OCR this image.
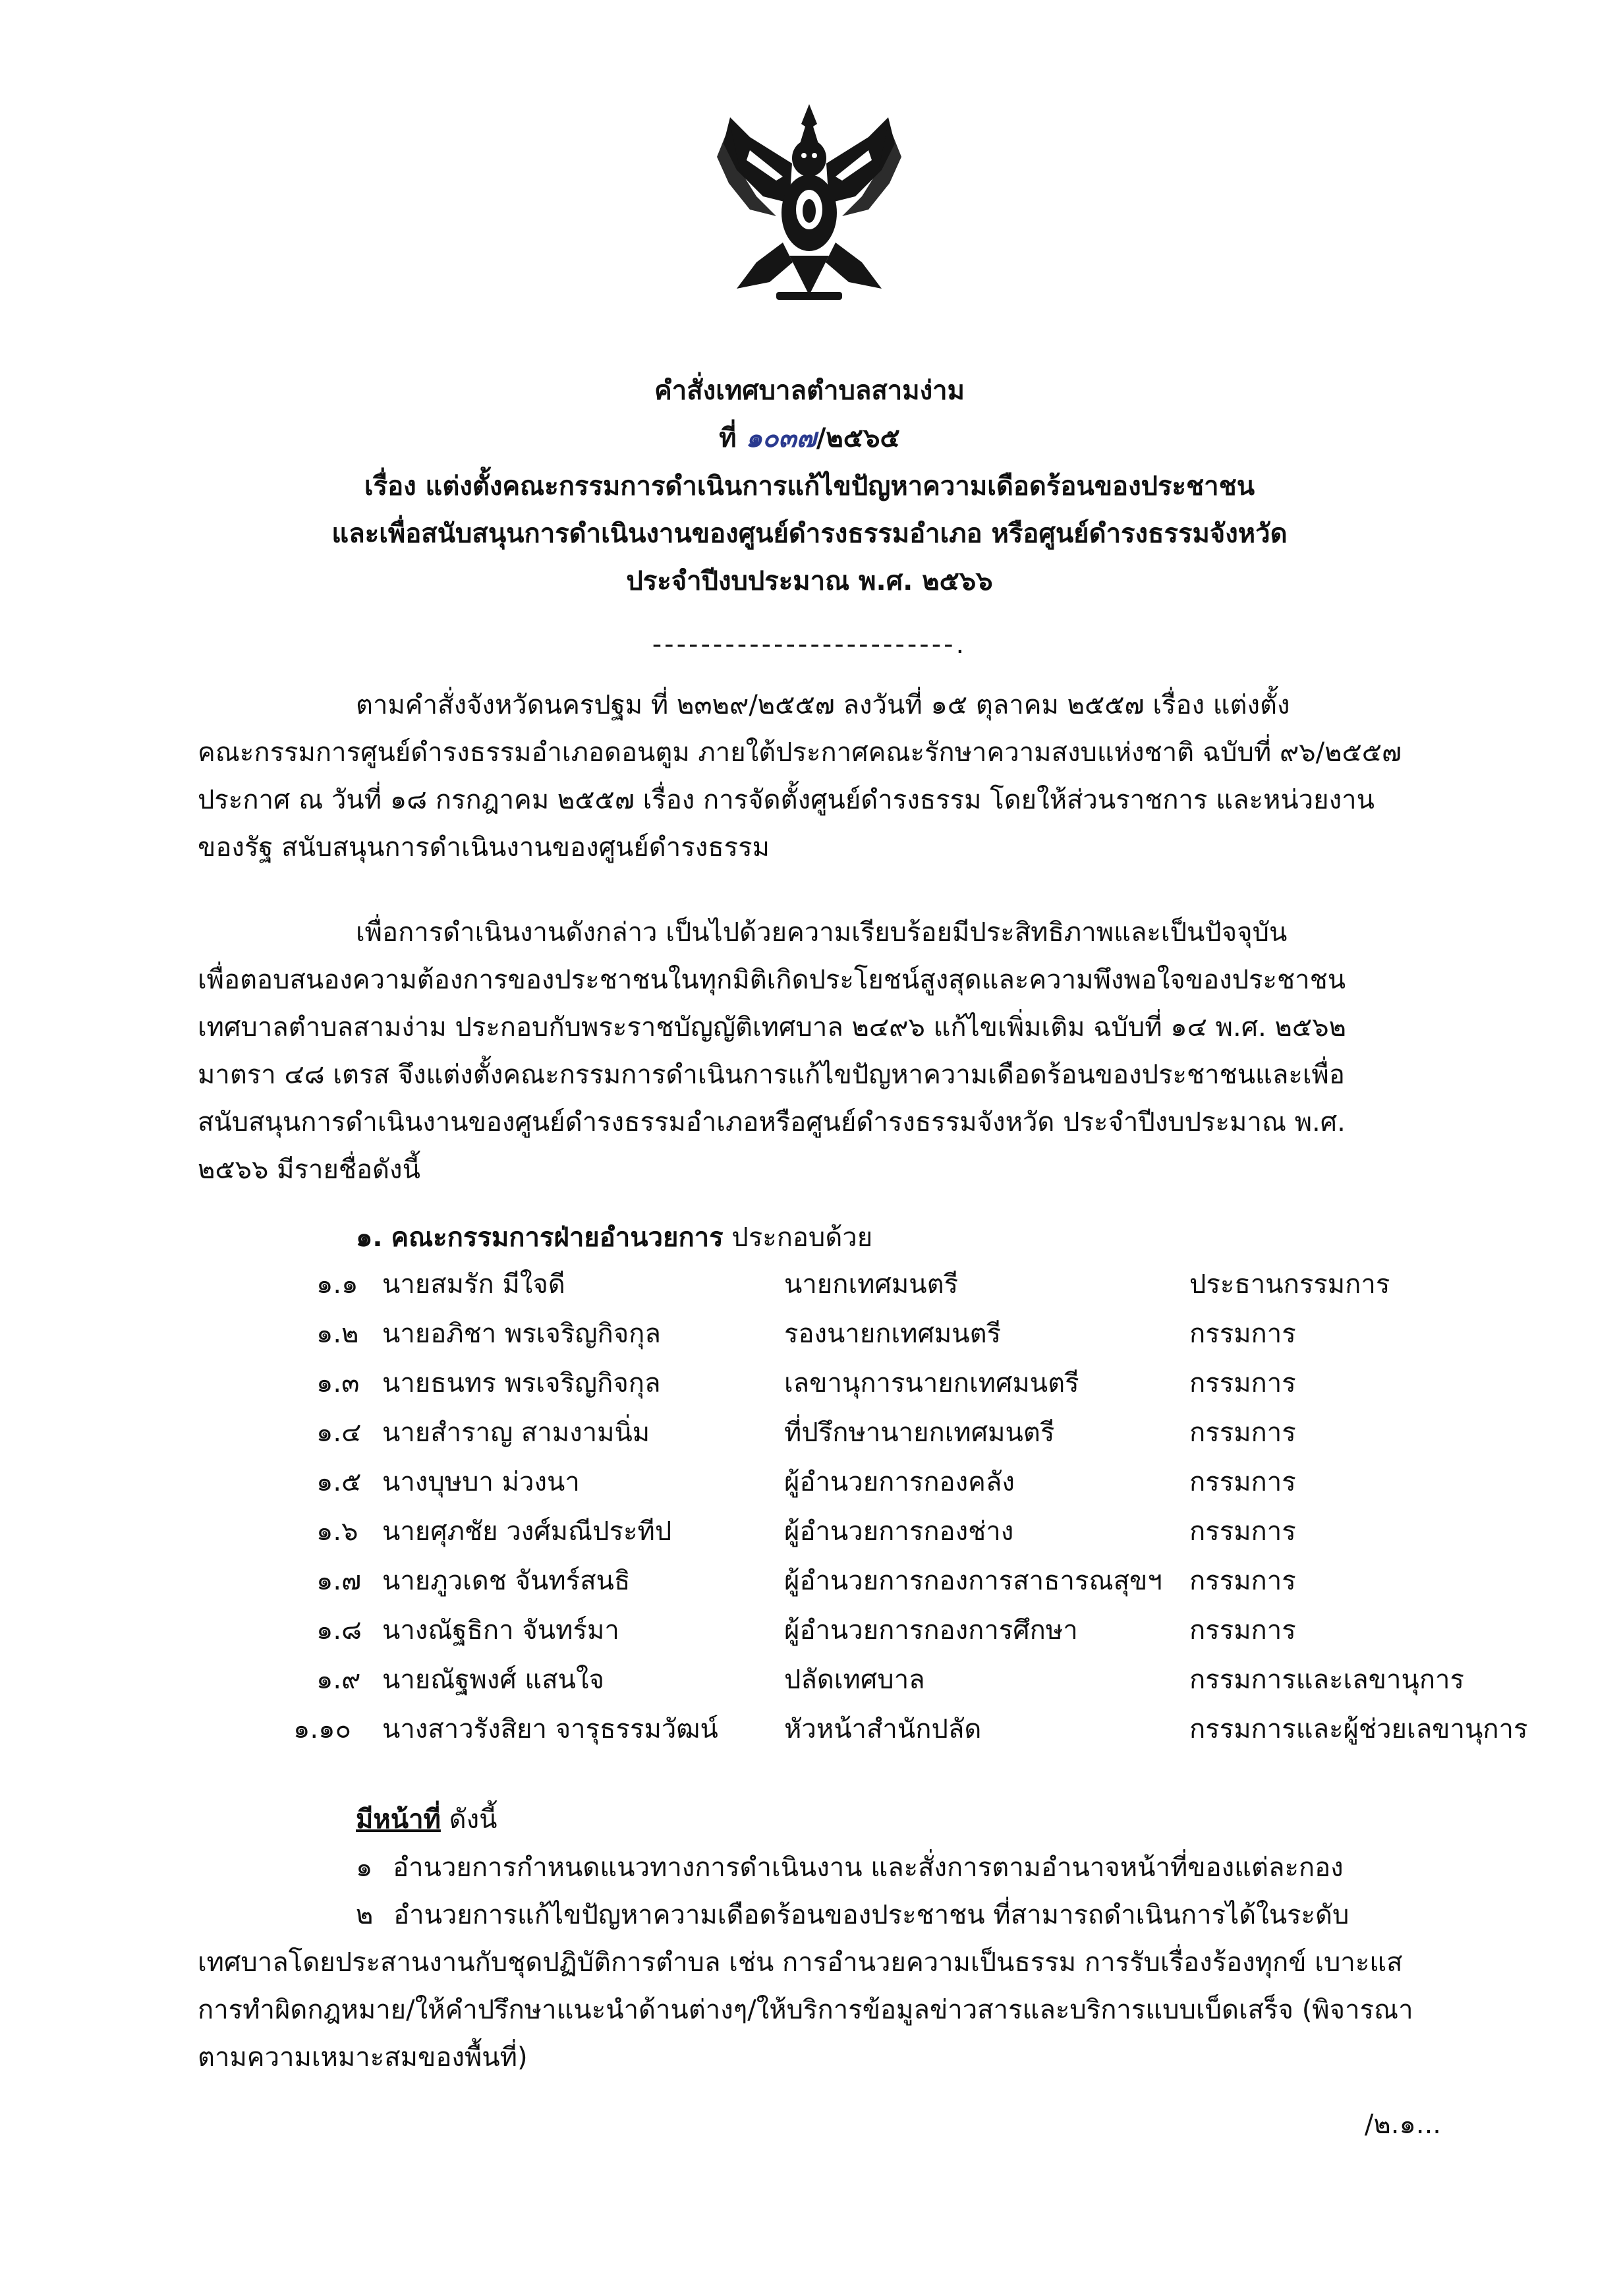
คำสั่งเทศบาลตำบลสามง่าม
ที่ ๑๐๓๗/๒๕๖๕
เรื่อง แต่งตั้งคณะกรรมการดำเนินการแก้ไขปัญหาความเดือดร้อนของประชาชน
และเพื่อสนับสนุนการดำเนินงานของศูนย์ดำรงธรรมอำเภอ หรือศูนย์ดำรงธรรมจังหวัด
ประจำปีงบประมาณ พ.ศ. ๒๕๖๖
-------------------------.
ตามคำสั่งจังหวัดนครปฐม ที่ ๒๓๒๙/๒๕๕๗ ลงวันที่ ๑๕ ตุลาคม ๒๕๕๗ เรื่อง แต่งตั้ง
คณะกรรมการศูนย์ดำรงธรรมอำเภอดอนตูม ภายใต้ประกาศคณะรักษาความสงบแห่งชาติ ฉบับที่ ๙๖/๒๕๕๗
ประกาศ ณ วันที่ ๑๘ กรกฎาคม ๒๕๕๗ เรื่อง การจัดตั้งศูนย์ดำรงธรรม โดยให้ส่วนราชการ และหน่วยงาน
ของรัฐ สนับสนุนการดำเนินงานของศูนย์ดำรงธรรม
เพื่อการดำเนินงานดังกล่าว เป็นไปด้วยความเรียบร้อยมีประสิทธิภาพและเป็นปัจจุบัน
เพื่อตอบสนองความต้องการของประชาชนในทุกมิติเกิดประโยชน์สูงสุดและความพึงพอใจของประชาชน
เทศบาลตำบลสามง่าม ประกอบกับพระราชบัญญัติเทศบาล ๒๔๙๖ แก้ไขเพิ่มเติม ฉบับที่ ๑๔ พ.ศ. ๒๕๖๒
มาตรา ๔๘ เตรส จึงแต่งตั้งคณะกรรมการดำเนินการแก้ไขปัญหาความเดือดร้อนของประชาชนและเพื่อ
สนับสนุนการดำเนินงานของศูนย์ดำรงธรรมอำเภอหรือศูนย์ดำรงธรรมจังหวัด ประจำปีงบประมาณ พ.ศ.
๒๕๖๖ มีรายชื่อดังนี้
๑. คณะกรรมการฝ่ายอำนวยการ ประกอบด้วย
๑.๑ นายสมรัก มีใจดี	นายกเทศมนตรี	ประธานกรรมการ
๑.๒ นายอภิชา พรเจริญกิจกุล	รองนายกเทศมนตรี	กรรมการ
๑.๓ นายธนทร พรเจริญกิจกุล	เลขานุการนายกเทศมนตรี	กรรมการ
๑.๔ นายสำราญ สามงามนิ่ม	ที่ปรึกษานายกเทศมนตรี	กรรมการ
๑.๕ นางบุษบา ม่วงนา	ผู้อำนวยการกองคลัง	กรรมการ
๑.๖ นายศุภชัย วงศ์มณีประทีป	ผู้อำนวยการกองช่าง	กรรมการ
๑.๗ นายภูวเดช จันทร์สนธิ	ผู้อำนวยการกองการสาธารณสุขฯ กรรมการ
๑.๘ นางณัฐธิกา จันทร์มา	ผู้อำนวยการกองการศึกษา	กรรมการ
๑.๙ นายณัฐพงศ์ แสนใจ	ปลัดเทศบาล	กรรมการและเลขานุการ
๑.๑๐ นางสาวรังสิยา จารุธรรมวัฒน์	หัวหน้าสำนักปลัด	กรรมการและผู้ช่วยเลขานุการ
มีหน้าที่ ดังนี้
๑ อำนวยการกำหนดแนวทางการดำเนินงาน และสั่งการตามอำนาจหน้าที่ของแต่ละกอง
๒ อำนวยการแก้ไขปัญหาความเดือดร้อนของประชาชน ที่สามารถดำเนินการได้ในระดับ
เทศบาลโดยประสานงานกับชุดปฏิบัติการตำบล เช่น การอำนวยความเป็นธรรม การรับเรื่องร้องทุกข์ เบาะแส
การทำผิดกฎหมาย/ให้คำปรึกษาแนะนำด้านต่างๆ/ให้บริการข้อมูลข่าวสารและบริการแบบเบ็ดเสร็จ (พิจารณา
ตามความเหมาะสมของพื้นที่)
/๒.๑...
